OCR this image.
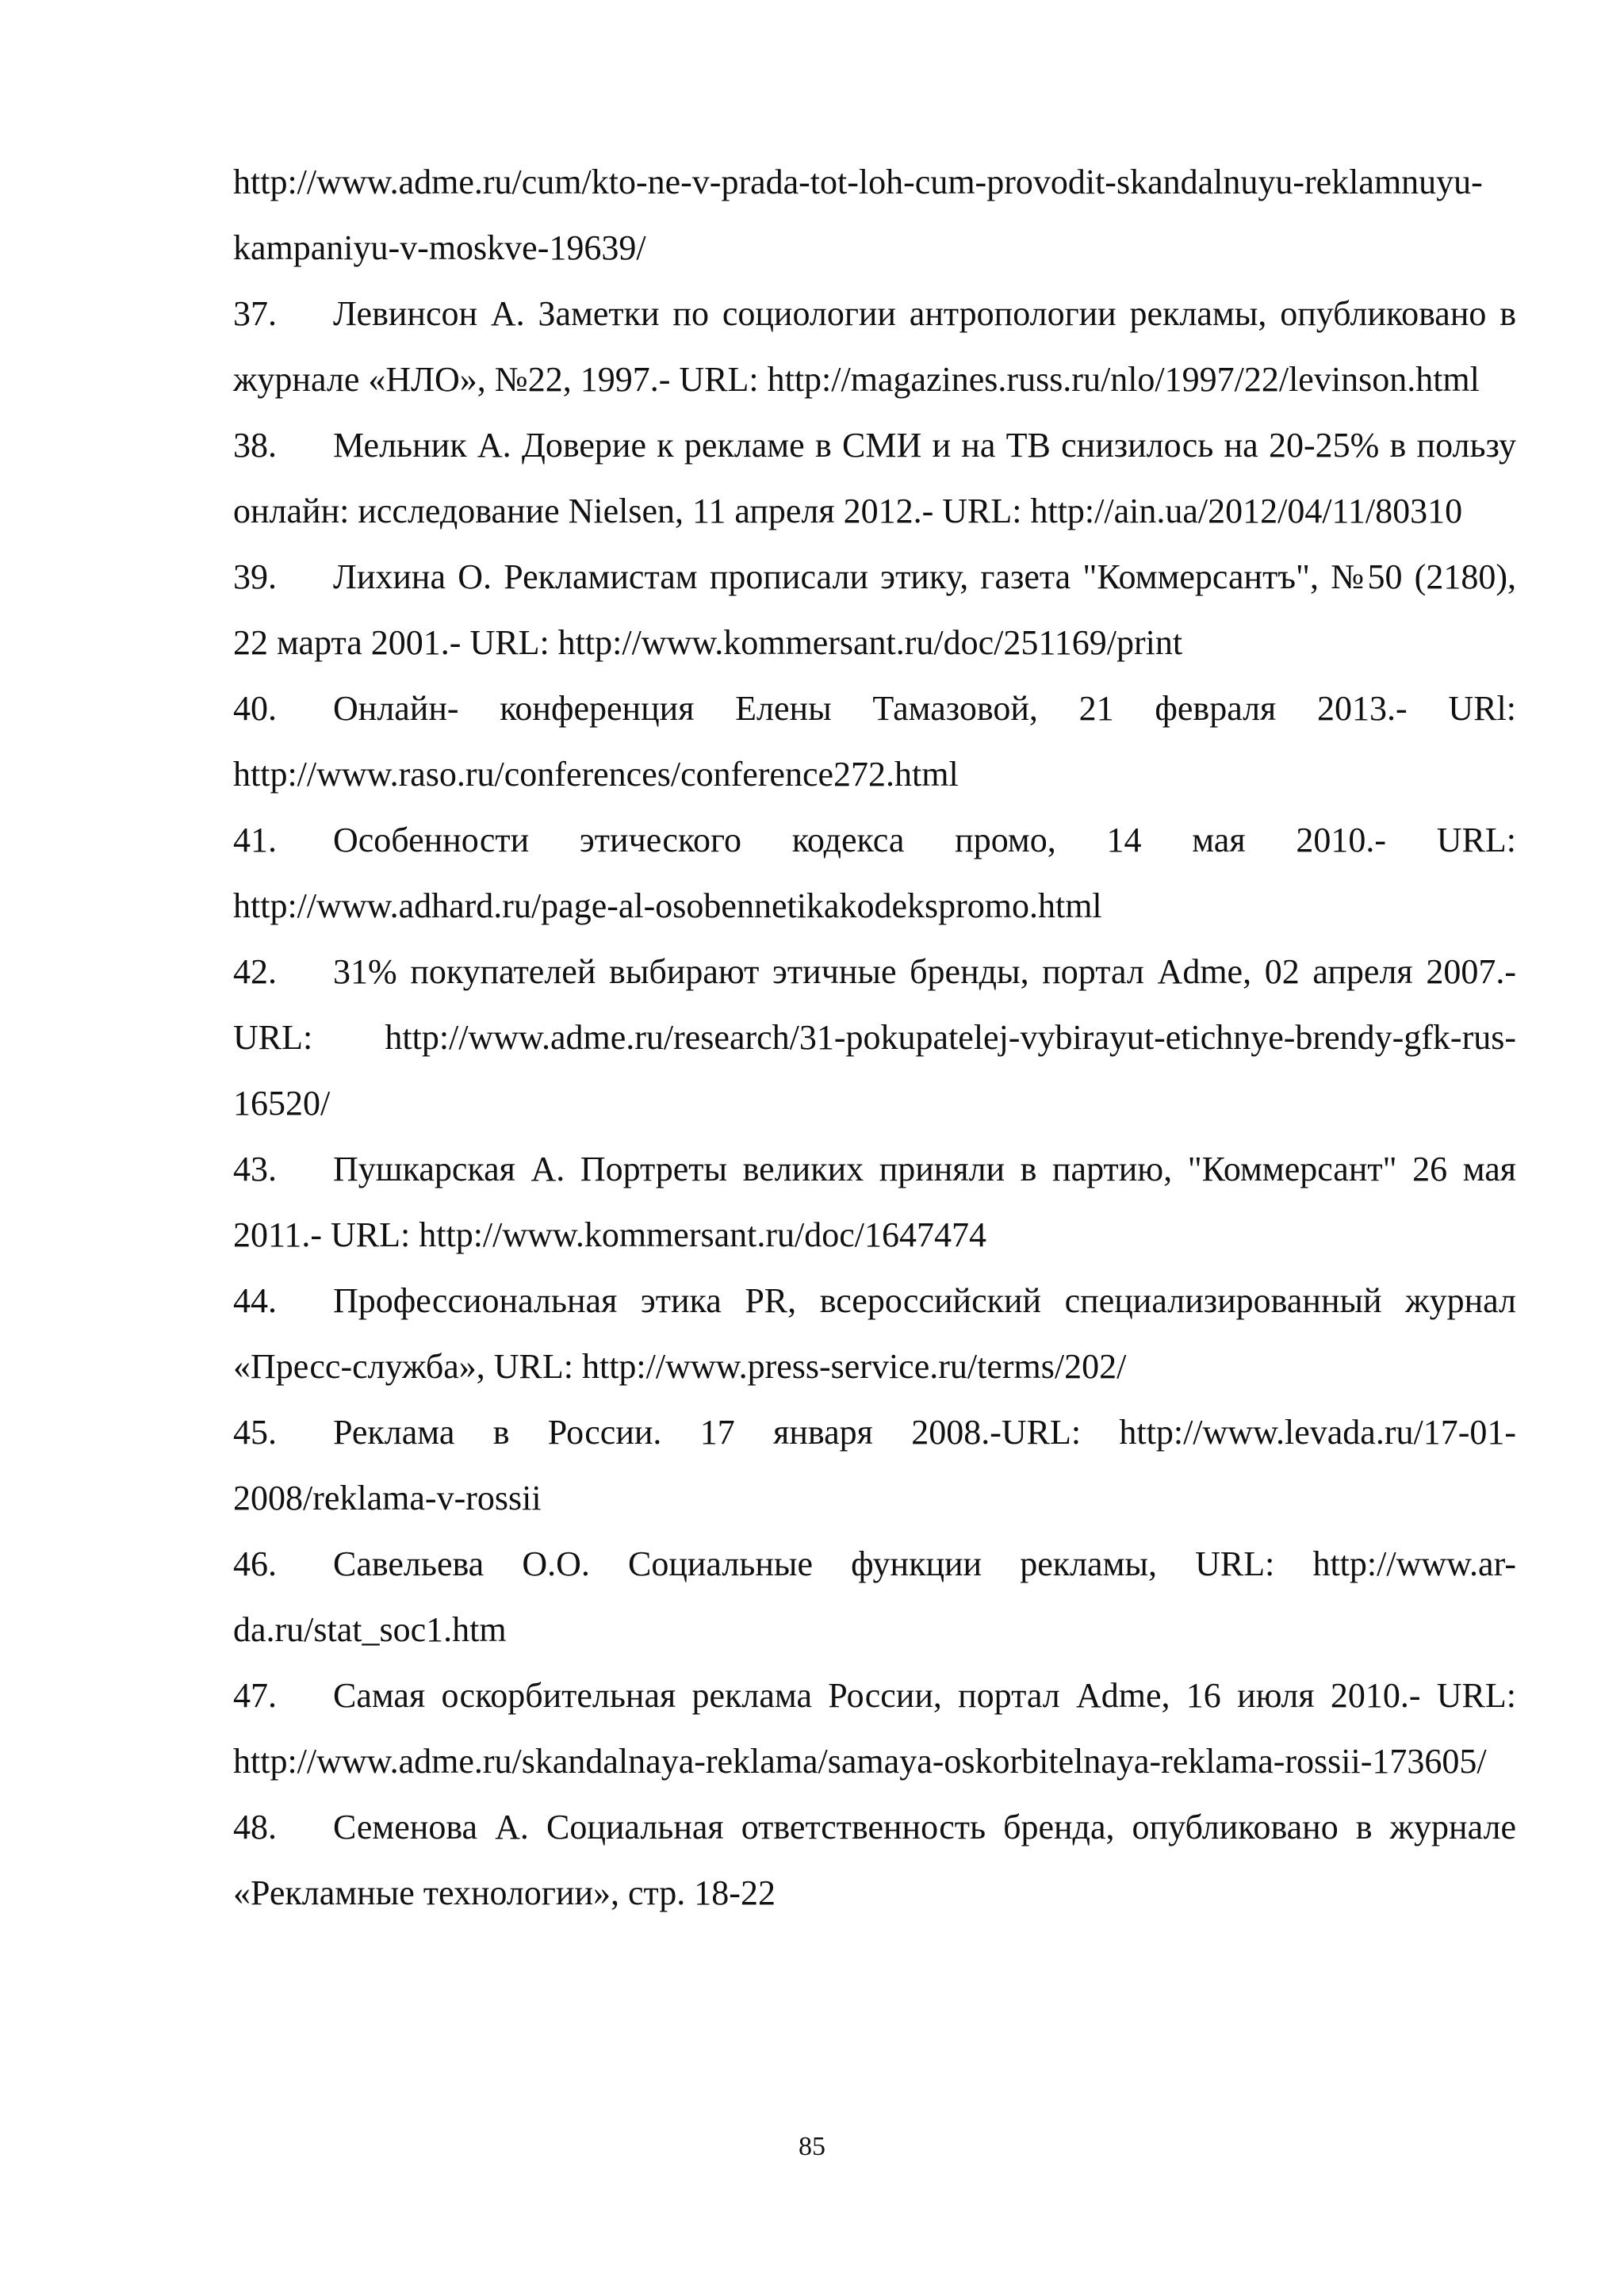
http://www.adme.ru/cum/kto-ne-v-prada-tot-loh-cum-provodit-skandalnuyu-reklamnuyu-kampaniyu-v-moskve-19639/

37. Левинсон А. Заметки по социологии антропологии рекламы, опубликовано в журнале «НЛО», №22, 1997.- URL: http://magazines.russ.ru/nlo/1997/22/levinson.html

38. Мельник А. Доверие к рекламе в СМИ и на ТВ снизилось на 20-25% в пользу онлайн: исследование Nielsen, 11 апреля 2012.- URL: http://ain.ua/2012/04/11/80310

39. Лихина О. Рекламистам прописали этику, газета "Коммерсантъ", №50 (2180), 22 марта 2001.- URL: http://www.kommersant.ru/doc/251169/print

40. Онлайн- конференция Елены Тамазовой, 21 февраля 2013.- URl: http://www.raso.ru/conferences/conference272.html

41. Особенности этического кодекса промо, 14 мая 2010.- URL: http://www.adhard.ru/page-al-osobennetikakodekspromo.html

42. 31% покупателей выбирают этичные бренды, портал Adme, 02 апреля 2007.- URL: http://www.adme.ru/research/31-pokupatelej-vybirayut-etichnye-brendy-gfk-rus-16520/

43. Пушкарская А. Портреты великих приняли в партию, "Коммерсант" 26 мая 2011.- URL: http://www.kommersant.ru/doc/1647474

44. Профессиональная этика PR, всероссийский специализированный журнал «Пресс-служба», URL: http://www.press-service.ru/terms/202/

45. Реклама в России. 17 января 2008.-URL: http://www.levada.ru/17-01-2008/reklama-v-rossii

46. Савельева О.О. Социальные функции рекламы, URL: http://www.ar-da.ru/stat_soc1.htm

47. Самая оскорбительная реклама России, портал Adme, 16 июля 2010.- URL: http://www.adme.ru/skandalnaya-reklama/samaya-oskorbitelnaya-reklama-rossii-173605/

48. Семенова А. Социальная ответственность бренда, опубликовано в журнале «Рекламные технологии», стр. 18-22

85
